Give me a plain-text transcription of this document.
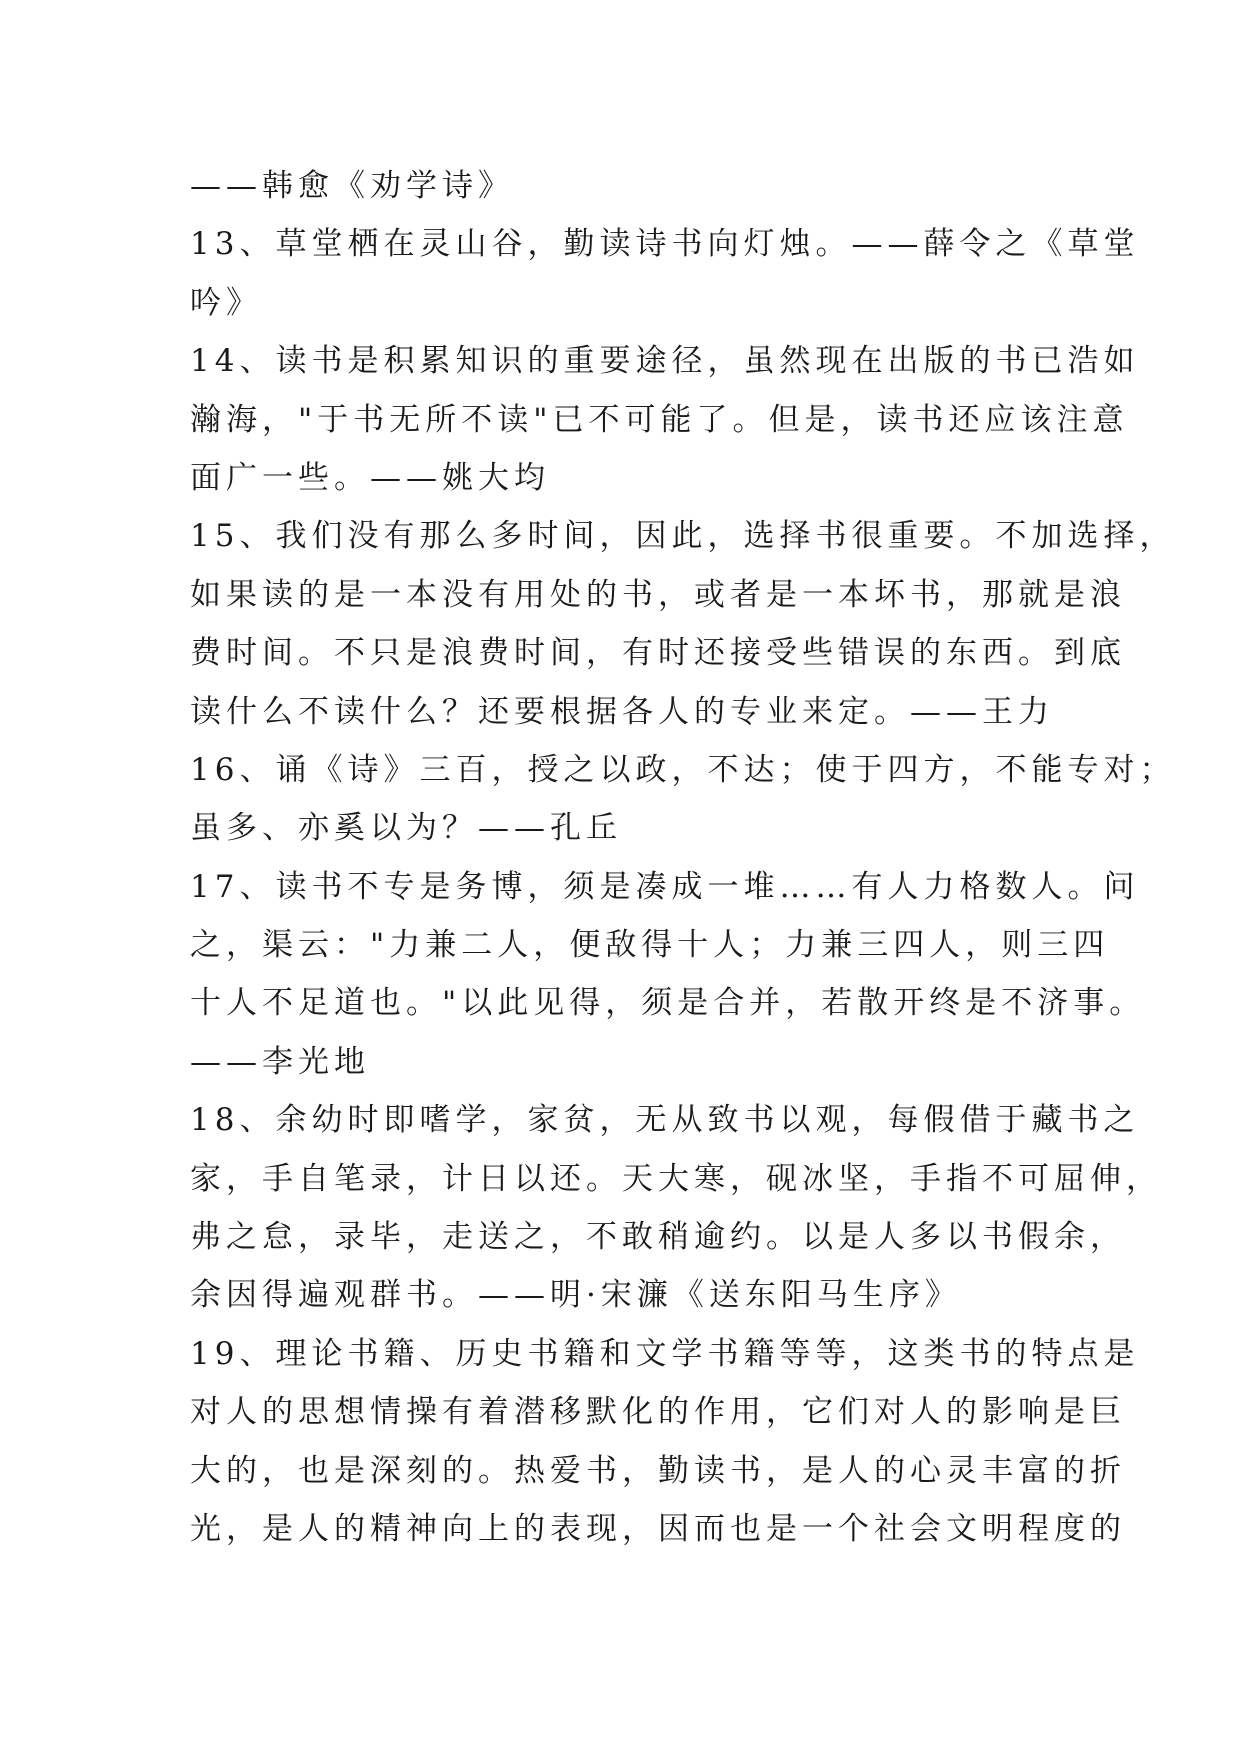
——韩愈《劝学诗》
13、草堂栖在灵山谷，勤读诗书向灯烛。——薛令之《草堂
吟》
14、读书是积累知识的重要途径，虽然现在出版的书已浩如
瀚海，"于书无所不读"已不可能了。但是，读书还应该注意
面广一些。——姚大均
15、我们没有那么多时间，因此，选择书很重要。不加选择，
如果读的是一本没有用处的书，或者是一本坏书，那就是浪
费时间。不只是浪费时间，有时还接受些错误的东西。到底
读什么不读什么？还要根据各人的专业来定。——王力
16、诵《诗》三百，授之以政，不达；使于四方，不能专对；
虽多、亦奚以为？——孔丘
17、读书不专是务博，须是凑成一堆……有人力格数人。问
之，渠云："力兼二人，便敌得十人；力兼三四人，则三四
十人不足道也。"以此见得，须是合并，若散开终是不济事。
——李光地
18、余幼时即嗜学，家贫，无从致书以观，每假借于藏书之
家，手自笔录，计日以还。天大寒，砚冰坚，手指不可屈伸，
弗之怠，录毕，走送之，不敢稍逾约。以是人多以书假余，
余因得遍观群书。——明·宋濂《送东阳马生序》
19、理论书籍、历史书籍和文学书籍等等，这类书的特点是
对人的思想情操有着潜移默化的作用，它们对人的影响是巨
大的，也是深刻的。热爱书，勤读书，是人的心灵丰富的折
光，是人的精神向上的表现，因而也是一个社会文明程度的
